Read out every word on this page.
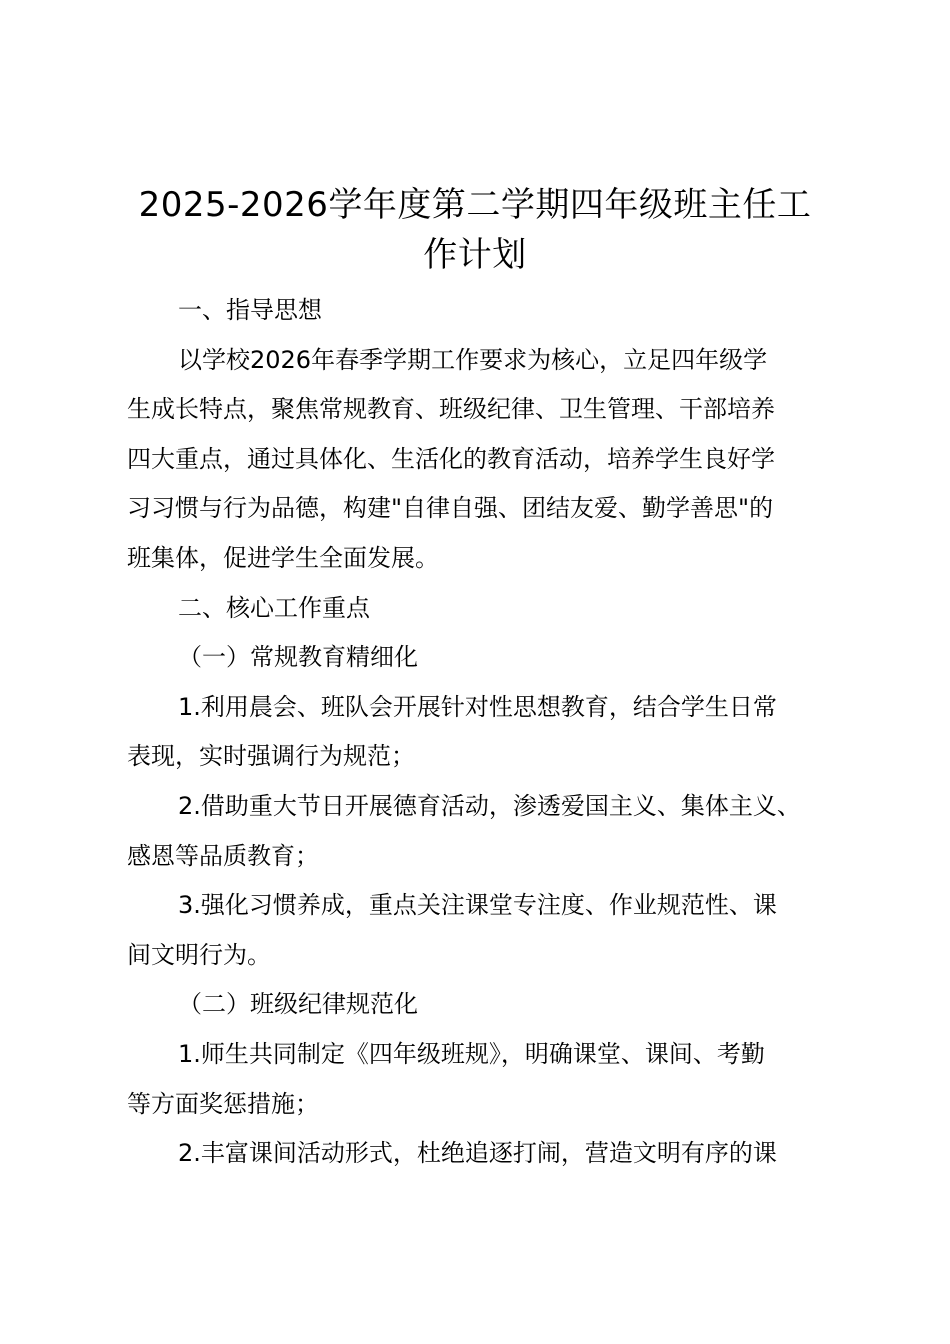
2025-2026学年度第二学期四年级班主任工
作计划

一、指导思想

以学校2026年春季学期工作要求为核心，立足四年级学
生成长特点，聚焦常规教育、班级纪律、卫生管理、干部培养
四大重点，通过具体化、生活化的教育活动，培养学生良好学
习习惯与行为品德，构建"自律自强、团结友爱、勤学善思"的
班集体，促进学生全面发展。

二、核心工作重点

（一）常规教育精细化

1.利用晨会、班队会开展针对性思想教育，结合学生日常
表现，实时强调行为规范；

2.借助重大节日开展德育活动，渗透爱国主义、集体主义、
感恩等品质教育；

3.强化习惯养成，重点关注课堂专注度、作业规范性、课
间文明行为。

（二）班级纪律规范化

1.师生共同制定《四年级班规》，明确课堂、课间、考勤
等方面奖惩措施；

2.丰富课间活动形式，杜绝追逐打闹，营造文明有序的课
